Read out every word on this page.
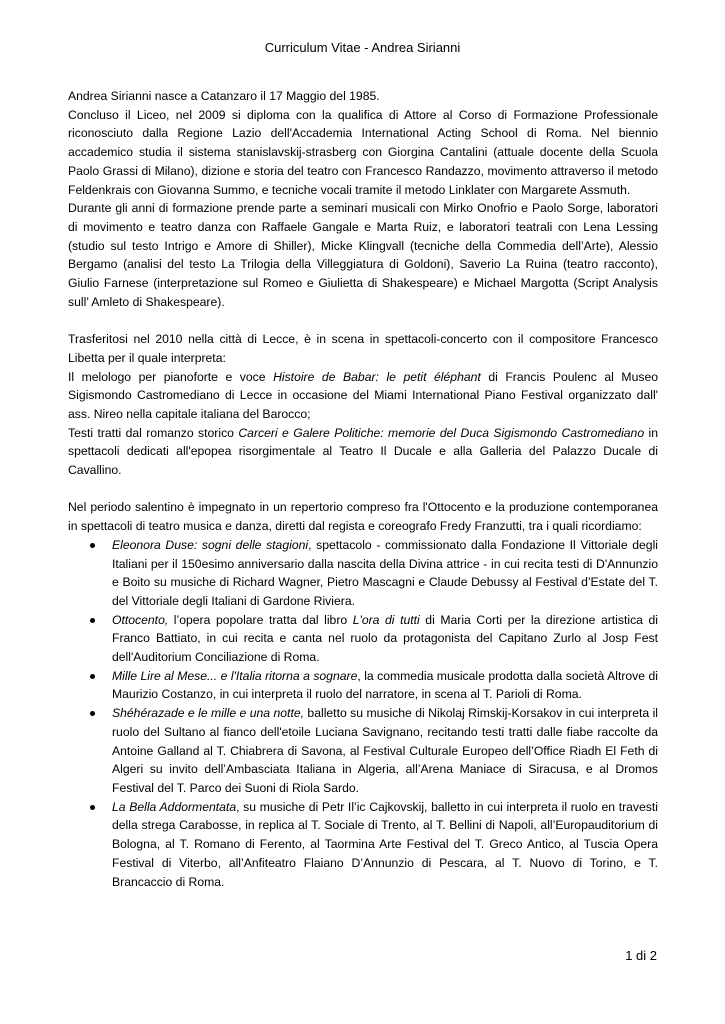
Curriculum Vitae - Andrea Sirianni

Andrea Sirianni nasce a Catanzaro il 17 Maggio del 1985.

Concluso il Liceo, nel 2009 si diploma con la qualifica di Attore al Corso di Formazione Professionale riconosciuto dalla Regione Lazio dell'Accademia International Acting School di Roma. Nel biennio accademico studia il sistema stanislavskij-strasberg con Giorgina Cantalini (attuale docente della Scuola Paolo Grassi di Milano), dizione e storia del teatro con Francesco Randazzo, movimento attraverso il metodo Feldenkrais con Giovanna Summo, e tecniche vocali tramite il metodo Linklater con Margarete Assmuth.

Durante gli anni di formazione prende parte a seminari musicali con Mirko Onofrio e Paolo Sorge, laboratori di movimento e teatro danza con Raffaele Gangale e Marta Ruiz, e laboratori teatrali con Lena Lessing (studio sul testo Intrigo e Amore di Shiller), Micke Klingvall (tecniche della Commedia dell’Arte), Alessio Bergamo (analisi del testo La Trilogia della Villeggiatura di Goldoni), Saverio La Ruina (teatro racconto), Giulio Farnese (interpretazione sul Romeo e Giulietta di Shakespeare) e Michael Margotta (Script Analysis sull’ Amleto di Shakespeare).

Trasferitosi nel 2010 nella città di Lecce, è in scena in spettacoli-concerto con il compositore Francesco Libetta per il quale interpreta:

Il melologo per pianoforte e voce Histoire de Babar: le petit éléphant di Francis Poulenc al Museo Sigismondo Castromediano di Lecce in occasione del Miami International Piano Festival organizzato dall' ass. Nireo nella capitale italiana del Barocco;

Testi tratti dal romanzo storico Carceri e Galere Politiche: memorie del Duca Sigismondo Castromediano in spettacoli dedicati all'epopea risorgimentale al Teatro Il Ducale e alla Galleria del Palazzo Ducale di Cavallino.

Nel periodo salentino è impegnato in un repertorio compreso fra l'Ottocento e la produzione contemporanea in spettacoli di teatro musica e danza, diretti dal regista e coreografo Fredy Franzutti, tra i quali ricordiamo:

Eleonora Duse: sogni delle stagioni, spettacolo - commissionato dalla Fondazione Il Vittoriale degli Italiani per il 150esimo anniversario dalla nascita della Divina attrice - in cui recita testi di D'Annunzio e Boito su musiche di Richard Wagner, Pietro Mascagni e Claude Debussy al Festival d’Estate del T. del Vittoriale degli Italiani di Gardone Riviera.
Ottocento, l’opera popolare tratta dal libro L'ora di tutti di Maria Corti per la direzione artistica di Franco Battiato, in cui recita e canta nel ruolo da protagonista del Capitano Zurlo al Josp Fest dell'Auditorium Conciliazione di Roma.
Mille Lire al Mese... e l'Italia ritorna a sognare, la commedia musicale prodotta dalla società Altrove di Maurizio Costanzo, in cui interpreta il ruolo del narratore, in scena al T. Parioli di Roma.
Shéhérazade e le mille e una notte, balletto su musiche di Nikolaj Rimskij-Korsakov in cui interpreta il ruolo del Sultano al fianco dell'etoile Luciana Savignano, recitando testi tratti dalle fiabe raccolte da Antoine Galland al T. Chiabrera di Savona, al Festival Culturale Europeo dell’Office Riadh El Feth di Algeri su invito dell’Ambasciata Italiana in Algeria, all’Arena Maniace di Siracusa, e al Dromos Festival del T. Parco dei Suoni di Riola Sardo.
La Bella Addormentata, su musiche di Petr Il’ic Cajkovskij, balletto in cui interpreta il ruolo en travesti della strega Carabosse, in replica al T. Sociale di Trento, al T. Bellini di Napoli, all’Europauditorium di Bologna, al T. Romano di Ferento, al Taormina Arte Festival del T. Greco Antico, al Tuscia Opera Festival di Viterbo, all’Anfiteatro Flaiano D’Annunzio di Pescara, al T. Nuovo di Torino, e T. Brancaccio di Roma.
1 di 2
